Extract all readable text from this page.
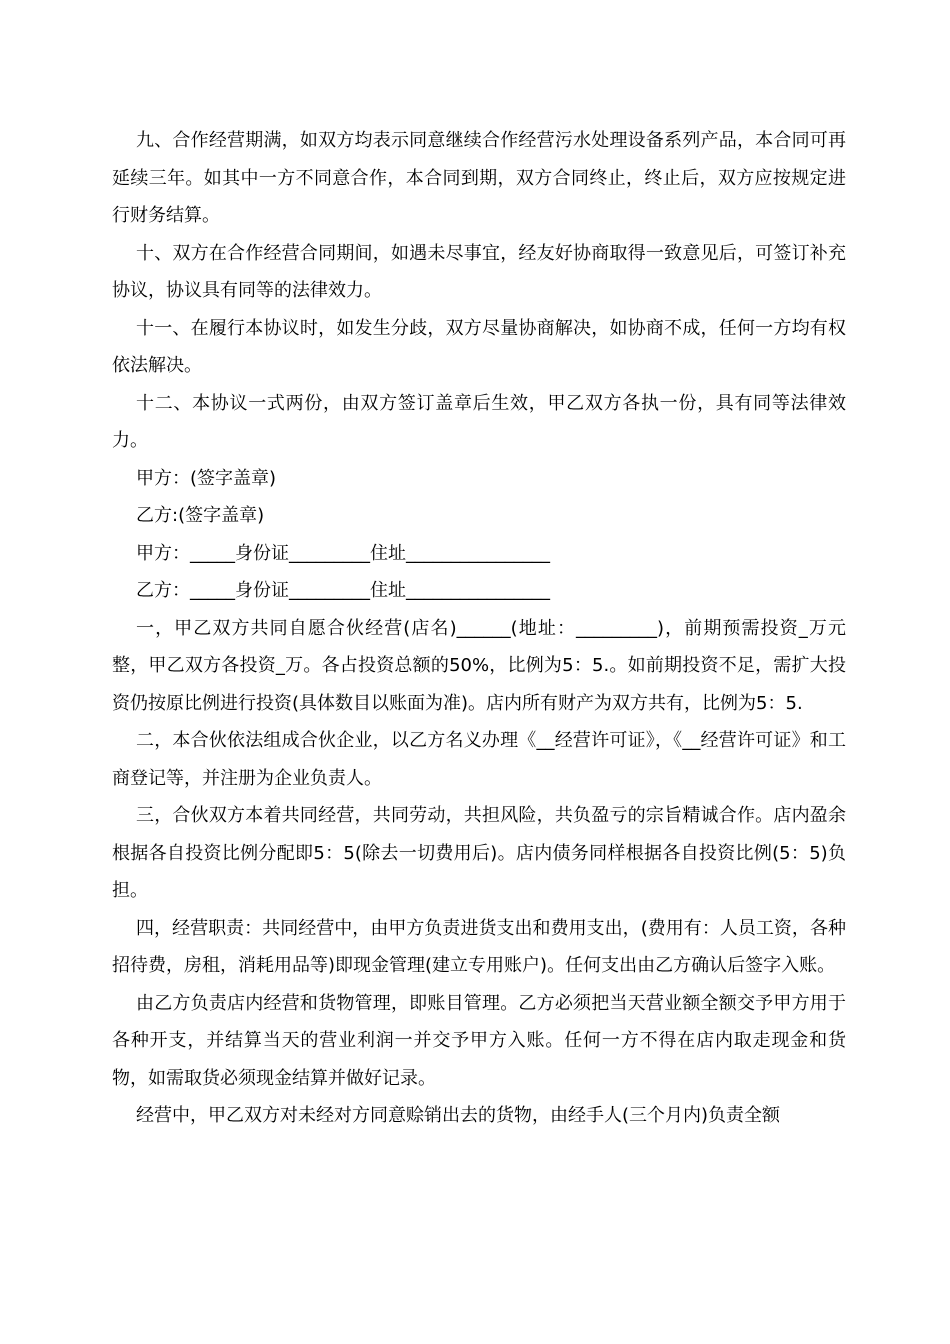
九、合作经营期满，如双方均表示同意继续合作经营污水处理设备系列产品，本合同可再延续三年。如其中一方不同意合作，本合同到期，双方合同终止，终止后，双方应按规定进行财务结算。

十、双方在合作经营合同期间，如遇未尽事宜，经友好协商取得一致意见后，可签订补充协议，协议具有同等的法律效力。

十一、在履行本协议时，如发生分歧，双方尽量协商解决，如协商不成，任何一方均有权依法解决。

十二、本协议一式两份，由双方签订盖章后生效，甲乙双方各执一份，具有同等法律效力。

甲方：(签字盖章)

乙方:(签字盖章)

甲方：_____身份证_________住址________________

乙方：_____身份证_________住址________________

一，甲乙双方共同自愿合伙经营(店名)______(地址：_________)，前期预需投资_万元整，甲乙双方各投资_万。各占投资总额的50%，比例为5：5.。如前期投资不足，需扩大投资仍按原比例进行投资(具体数目以账面为准)。店内所有财产为双方共有，比例为5：5.

二，本合伙依法组成合伙企业，以乙方名义办理《__经营许可证》，《__经营许可证》和工商登记等，并注册为企业负责人。

三，合伙双方本着共同经营，共同劳动，共担风险，共负盈亏的宗旨精诚合作。店内盈余根据各自投资比例分配即5：5(除去一切费用后)。店内债务同样根据各自投资比例(5：5)负担。

四，经营职责：共同经营中，由甲方负责进货支出和费用支出，(费用有：人员工资，各种招待费，房租，消耗用品等)即现金管理(建立专用账户)。任何支出由乙方确认后签字入账。

由乙方负责店内经营和货物管理，即账目管理。乙方必须把当天营业额全额交予甲方用于各种开支，并结算当天的营业利润一并交予甲方入账。任何一方不得在店内取走现金和货物，如需取货必须现金结算并做好记录。

经营中，甲乙双方对未经对方同意赊销出去的货物，由经手人(三个月内)负责全额
